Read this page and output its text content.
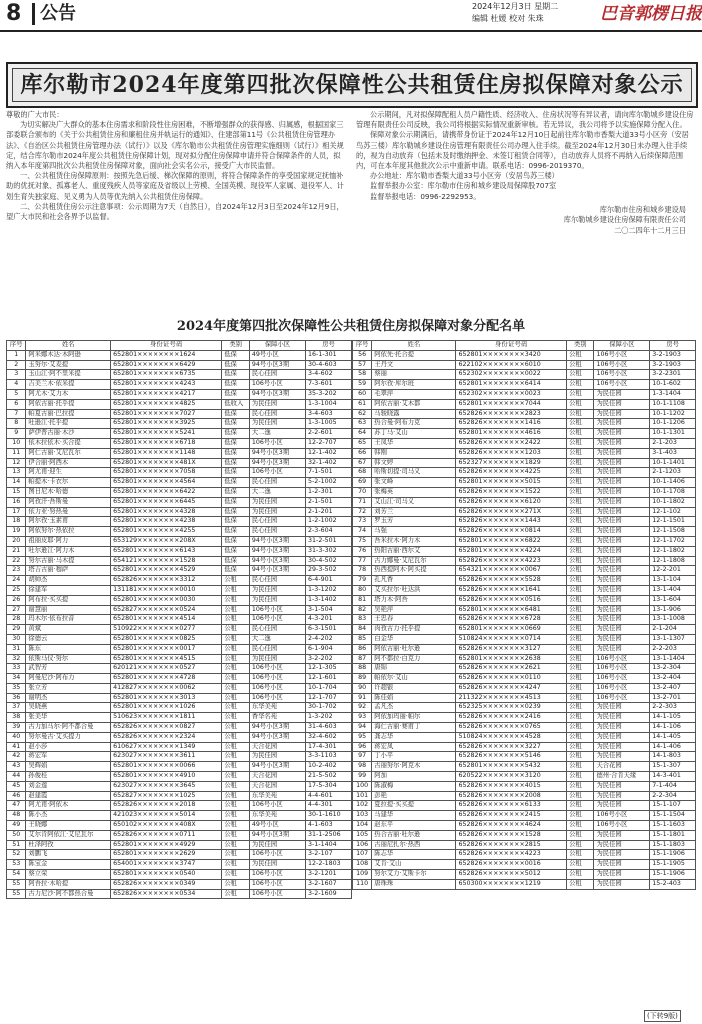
8	公告	2024年12月3日 星期二
编辑 杜媛 校对 朱珠	巴音郭楞日报
库尔勒市2024年度第四批次保障性公共租赁住房拟保障对象公示

尊敬的广大市民：

为切实解决广大群众的基本住房需求和阶段性住房困难，不断增强群众的获得感、归属感，根据国家三部委联合颁布的《关于公共租赁住房和廉租住房并轨运行的通知》、住建部第11号《公共租赁住房管理办法》、《自治区公共租赁住房管理办法（试行）》以及《库尔勒市公共租赁住房管理实施细则（试行）》相关规定，结合库尔勒市2024年度公共租赁住房保障计划，现对拟分配住房保障申请并符合保障条件的人员，拟纳入本年度第四批次公共租赁住房保障对象，面向社会实名公示，接受广大市民监督。

一、公共租赁住房保障原则：按照先急后缓、梯次保障的原则，将符合保障条件的享受国家规定抚恤补助的优抚对象、孤寡老人、重度残疾人员等家庭及省级以上劳模、全国英模、现役军人家属、退役军人、计划生育失独家庭、见义勇为人员等优先纳入公共租赁住房保障。

二、公共租赁住房公示注意事项：公示周期为7天（自然日），自2024年12月3日至2024年12月9日，望广大市民和社会各界予以监督。

公示期间，凡对拟保障配租人员户籍性质、经济收入、住房状况等有异议者，请向库尔勒城乡建设住房管理有限责任公司反映，我公司将根据实际情况重新审核。若无异议，我公司将予以实施保障分配入住。

保障对象公示期满后，请携带身份证于2024年12月10日起前往库尔勒市香梨大道33号小区旁（安居鸟苏三楼）库尔勒城乡建设住房管理有限责任公司办理入住手续。截至2024年12月30日未办理入住手续的，视为自动放弃（包括未及时缴纳押金、未签订租赁合同等），自动放弃人员将不再纳入后续保障范围内，可在本年度其他批次公示中重新申请。联系电话：0996-2019370。

办公地址：库尔勒市香梨大道33号小区旁（安居鸟苏三楼）

监督举报办公室：库尔勒市住房和城乡建设局保障股707室

监督举报电话：0996-2292953。

库尔勒市住房和城乡建设局
库尔勒城乡建设住房保障有限责任公司
二〇二四年十二月三日
2024年度第四批次保障性公共租赁住房拟保障对象分配名单
序号	姓名	身份证号码	类别	保障小区	房号
1	阿米娜木达·木阿逊	652801××××××××1624	低保	49号小区	16-1-301
2	玉努尔·艾麦提	652801××××××××6429	低保	94号小区3期	30-4-603
3	玉山江·阿不里米提	652801××××××××6735	低保	民心佳园	3-4-602
4	吉美兰木·依米提	652801××××××××4243	低保	106号小区	7-3-601
5	阿尤木·艾力木	652801××××××××4217	低保	94号小区3期	35-3-202
6	阿依古丽·托乎提	652801××××××××4825	低收入	为民佳园	1-3-1004
7	帕夏古丽·巴拉提	652801××××××××7027	低保	民心佳园	3-4-603
8	吐逊江·托乎提	652801××××××××3925	低保	为民佳园	1-3-1005
9	萨伊普古丽·木沙	652801××××××××5241	低保	大二逸	2-2-601
10	依木拉依木·买合提	652801××××××××6718	低保	106号小区	12-2-707
11	阿仁古丽·艾尼瓦尔	652801××××××××1148	低保	94号小区3期	12-1-402
12	伊合丽·阿西木	652801××××××××481X	低保	94号小区3期	32-1-402
13	阿尤甫·迎生	652801××××××××7058	低保	106号小区	7-1-501
14	帕提木·卡衣尔	652801××××××××4564	低保	民心佳园	5-2-1002
15	图日尼木·哈德	652801××××××××6422	低保	大二逸	1-2-301
16	阿孜汗·吾斯曼	652801××××××××6445	低保	为民佳园	2-1-501
17	依力亚·努热曼	652801××××××××4328	低保	为民佳园	2-1-201
18	阿尔孜·玉素甫	652801××××××××4238	低保	民心佳园	1-2-1002
19	阿依努尔·热依拉	652801××××××××4255	低保	民心佳园	2-3-604
20	祖丽皮耶·阿力	653129××××××××208X	低保	94号小区3期	31-2-501
21	吐尔逊江·阿力木	652801××××××××6143	低保	94号小区3期	31-3-302
22	努尔古丽·马木提	654121××××××××1528	低保	94号小区3期	30-4-502
23	塔吉古丽·穆萨	652801××××××××4529	低保	94号小区3期	29-3-502
24	胡帅杰	652826××××××××3312	公租	民心佳园	6-4-901
25	徐建军	131181××××××××0010	公租	为民佳园	1-3-1202
26	阿布拉·买买提	652801××××××××0030	公租	为民佳园	1-3-1402
27	谢慧丽	652827××××××××0524	公租	106号小区	3-1-504
28	玛木尔·依布拉音	652801××××××××4514	公租	106号小区	4-3-201
29	黄斌	510922××××××××0277	公租	民心佳园	6-3-1501
30	徐德云	652801××××××××0825	公租	大二逸	2-4-202
31	陈东	652801××××××××0017	公租	民心佳园	6-1-904
32	依斯马仪·努尔	652801××××××××4515	公租	为民佳园	3-2-202
33	武智芳	620121××××××××0527	公租	106号小区	12-1-305
34	阿曼尼沙·阿布力	652801××××××××4728	公租	106号小区	12-1-601
35	张立芳	412827××××××××0062	公租	106号小区	10-1-704
36	谢明杰	652801××××××××3013	公租	106号小区	12-1-707
37	吴晓燕	652801××××××××1026	公租	东华美苑	30-1-702
38	张美华	510623××××××××1811	公租	香华名苑	1-3-202
39	古力加马尔·阿不都合曼	652826××××××××0827	公租	94号小区3期	31-4-603
40	努尔曼古·艾买提力	652826××××××××2324	公租	94号小区3期	32-4-602
41	赵小莎	610627××××××××1349	公租	天合花园	17-4-301
42	蒋宏军	623027××××××××3611	公租	为民佳园	3-3-1103
43	吴辉娟	652801××××××××0066	公租	94号小区3期	10-2-402
44	孙俊桂	652801××××××××4910	公租	天合花园	21-5-502
45	刘金莲	623027××××××××3645	公租	天合花园	17-5-304
46	赵建霞	652827××××××××1025	公租	东华美苑	4-4-601
47	阿尤甫·阿依木	652826××××××××2018	公租	106号小区	4-4-301
48	陈小杰	421023××××××××5014	公租	东华美苑	30-1-1610
49	王晓娜	650102××××××××408X	公租	49号小区	4-1-603
50	艾尔肯阿依江·艾尼瓦尔	652826××××××××0711	公租	94号小区3期	31-1-2506
51	杜泽阿孜	652801××××××××4929	公租	为民佳园	3-1-1404
52	刘鹏飞	652801××××××××2629	公租	106号小区	3-2-107
53	陈宝金	654001××××××××3747	公租	为民佳园	12-2-1803
54	蔡立荣	652801××××××××0540	公租	106号小区	3-2-1201
55	阿吾拉·木哈提	652826××××××××0349	公租	106号小区	3-2-1607
55	古力尼沙·阿不都热合曼	652826××××××××0534	公租	106号小区	3-2-1609
序号	姓名	身份证号码	类别	保障小区	房号
56	阿依先·托合提	652801××××××××3420	公租	106号小区	3-2-1903
57	王丹文	622102××××××××6010	公租	106号小区	3-2-1903
58	蔡丽	652302××××××××0022	公租	106号小区	3-2-2301
59	阿尔孜·库尔班	652801××××××××6414	公租	106号小区	10-1-602
60	毛翠萍	652302××××××××0023	公租	为民佳园	1-3-1404
61	阿依古丽·艾木都	652801××××××××7044	公租	为民佳园	10-1-1108
62	马骏晓露	652826××××××××2823	公租	为民佳园	10-1-1202
63	热合曼·阿布力克	652826××××××××1416	公租	为民佳园	10-1-1206
64	苏丁马·艾山	652801××××××××4616	公租	为民佳园	10-1-1301
65	王凤华	652826××××××××2422	公租	为民佳园	2-1-203
66	韩刚	652826××××××××1203	公租	为民佳园	3-1-403
67	韩文婷	652327××××××××1829	公租	为民佳园	10-1-1401
68	哈斯切提·司马义	652826××××××××4225	公租	为民佳园	2-1-1203
69	张文峰	652801××××××××5015	公租	为民佳园	10-1-1406
70	张梅英	652826××××××××1522	公租	为民佳园	10-1-1708
71	艾山江·司马义	652826××××××××6120	公租	为民佳园	10-1-1802
72	刘芳兰	652826××××××××271X	公租	为民佳园	12-1-102
73	罗玉芳	652826××××××××1443	公租	为民佳园	12-1-1501
74	马强	652826××××××××0814	公租	为民佳园	12-1-1508
75	吾米拉木·阿力木	652801××××××××6822	公租	为民佳园	12-1-1702
76	热阳古丽·西尔艾	652801××××××××4224	公租	为民佳园	12-1-1802
77	古力娜曼·艾尼瓦尔	652826××××××××4223	公租	为民佳园	12-1-1808
78	热西提阿木·阿买提	654321××××××××0067	公租	为民佳园	12-2-201
79	孔凡香	652826××××××××5528	公租	为民佳园	13-1-104
80	艾买拉尔·吐达洪	652826××××××××1641	公租	为民佳园	13-1-404
81	塔力木·阿吾	652826××××××××0516	公租	为民佳园	13-1-604
82	吴艳萍	652801××××××××6481	公租	为民佳园	13-1-906
83	王忠春	652826××××××××6728	公租	为民佳园	13-1-1008
84	肉孜古力·托乎提	652801××××××××0669	公租	为民佳园	2-1-204
85	白金华	510824××××××××0714	公租	为民佳园	13-1-1307
86	阿依古丽·吐尔逊	652826××××××××3127	公租	为民佳园	2-2-203
87	阿不都拉·白克力	652801××××××××2638	公租	106号小区	13-1-1404
88	唐锦	652826××××××××2621	公租	106号小区	13-2-304
89	帕依尔·艾山	652826××××××××0110	公租	106号小区	13-2-404
90	许超银	652826××××××××4247	公租	106号小区	13-2-407
91	陈佳娟	211322××××××××4513	公租	106号小区	13-2-701
92	孟凡杰	652325××××××××0239	公租	为民佳园	2-2-303
93	阿依加玛丽·帕尔	652826××××××××2416	公租	为民佳园	14-1-105
94	海仁古丽·赛甫丁	652826××××××××0765	公租	为民佳园	14-1-106
95	龚志华	510824××××××××4528	公租	为民佳园	14-1-405
96	蒋宏凤	652826××××××××3227	公租	为民佳园	14-1-406
97	丁小平	652826××××××××5146	公租	为民佳园	14-1-803
98	古丽努尔·阿克木	652801××××××××5432	公租	天合花园	15-1-307
99	阿加	620522××××××××3120	公租	德州·合肯天缘	14-3-401
100	陈淑梅	652826××××××××4015	公租	为民佳园	7-1-404
101	彭艳	652826××××××××2008	公租	为民佳园	2-2-304
102	夏拉提·买买提	652826××××××××6133	公租	为民佳园	15-1-107
103	马建华	652826××××××××2415	公租	106号小区	15-1-1504
104	赵东平	652826××××××××4624	公租	106号小区	15-1-1603
105	热合古丽·吐尔逊	652826××××××××1528	公租	为民佳园	15-1-1801
106	古丽尼扎尔·热西	652826××××××××2815	公租	为民佳园	15-1-1803
107	陈志华	652826××××××××4223	公租	为民佳园	15-1-1906
108	艾肯·艾山	652826××××××××0016	公租	为民佳园	15-1-1905
109	努尔艾力·艾斯卡尔	652826××××××××5012	公租	为民佳园	15-1-1906
110	唐珠珠	650300××××××××1219	公租	为民佳园	15-2-403
(下转9版)
